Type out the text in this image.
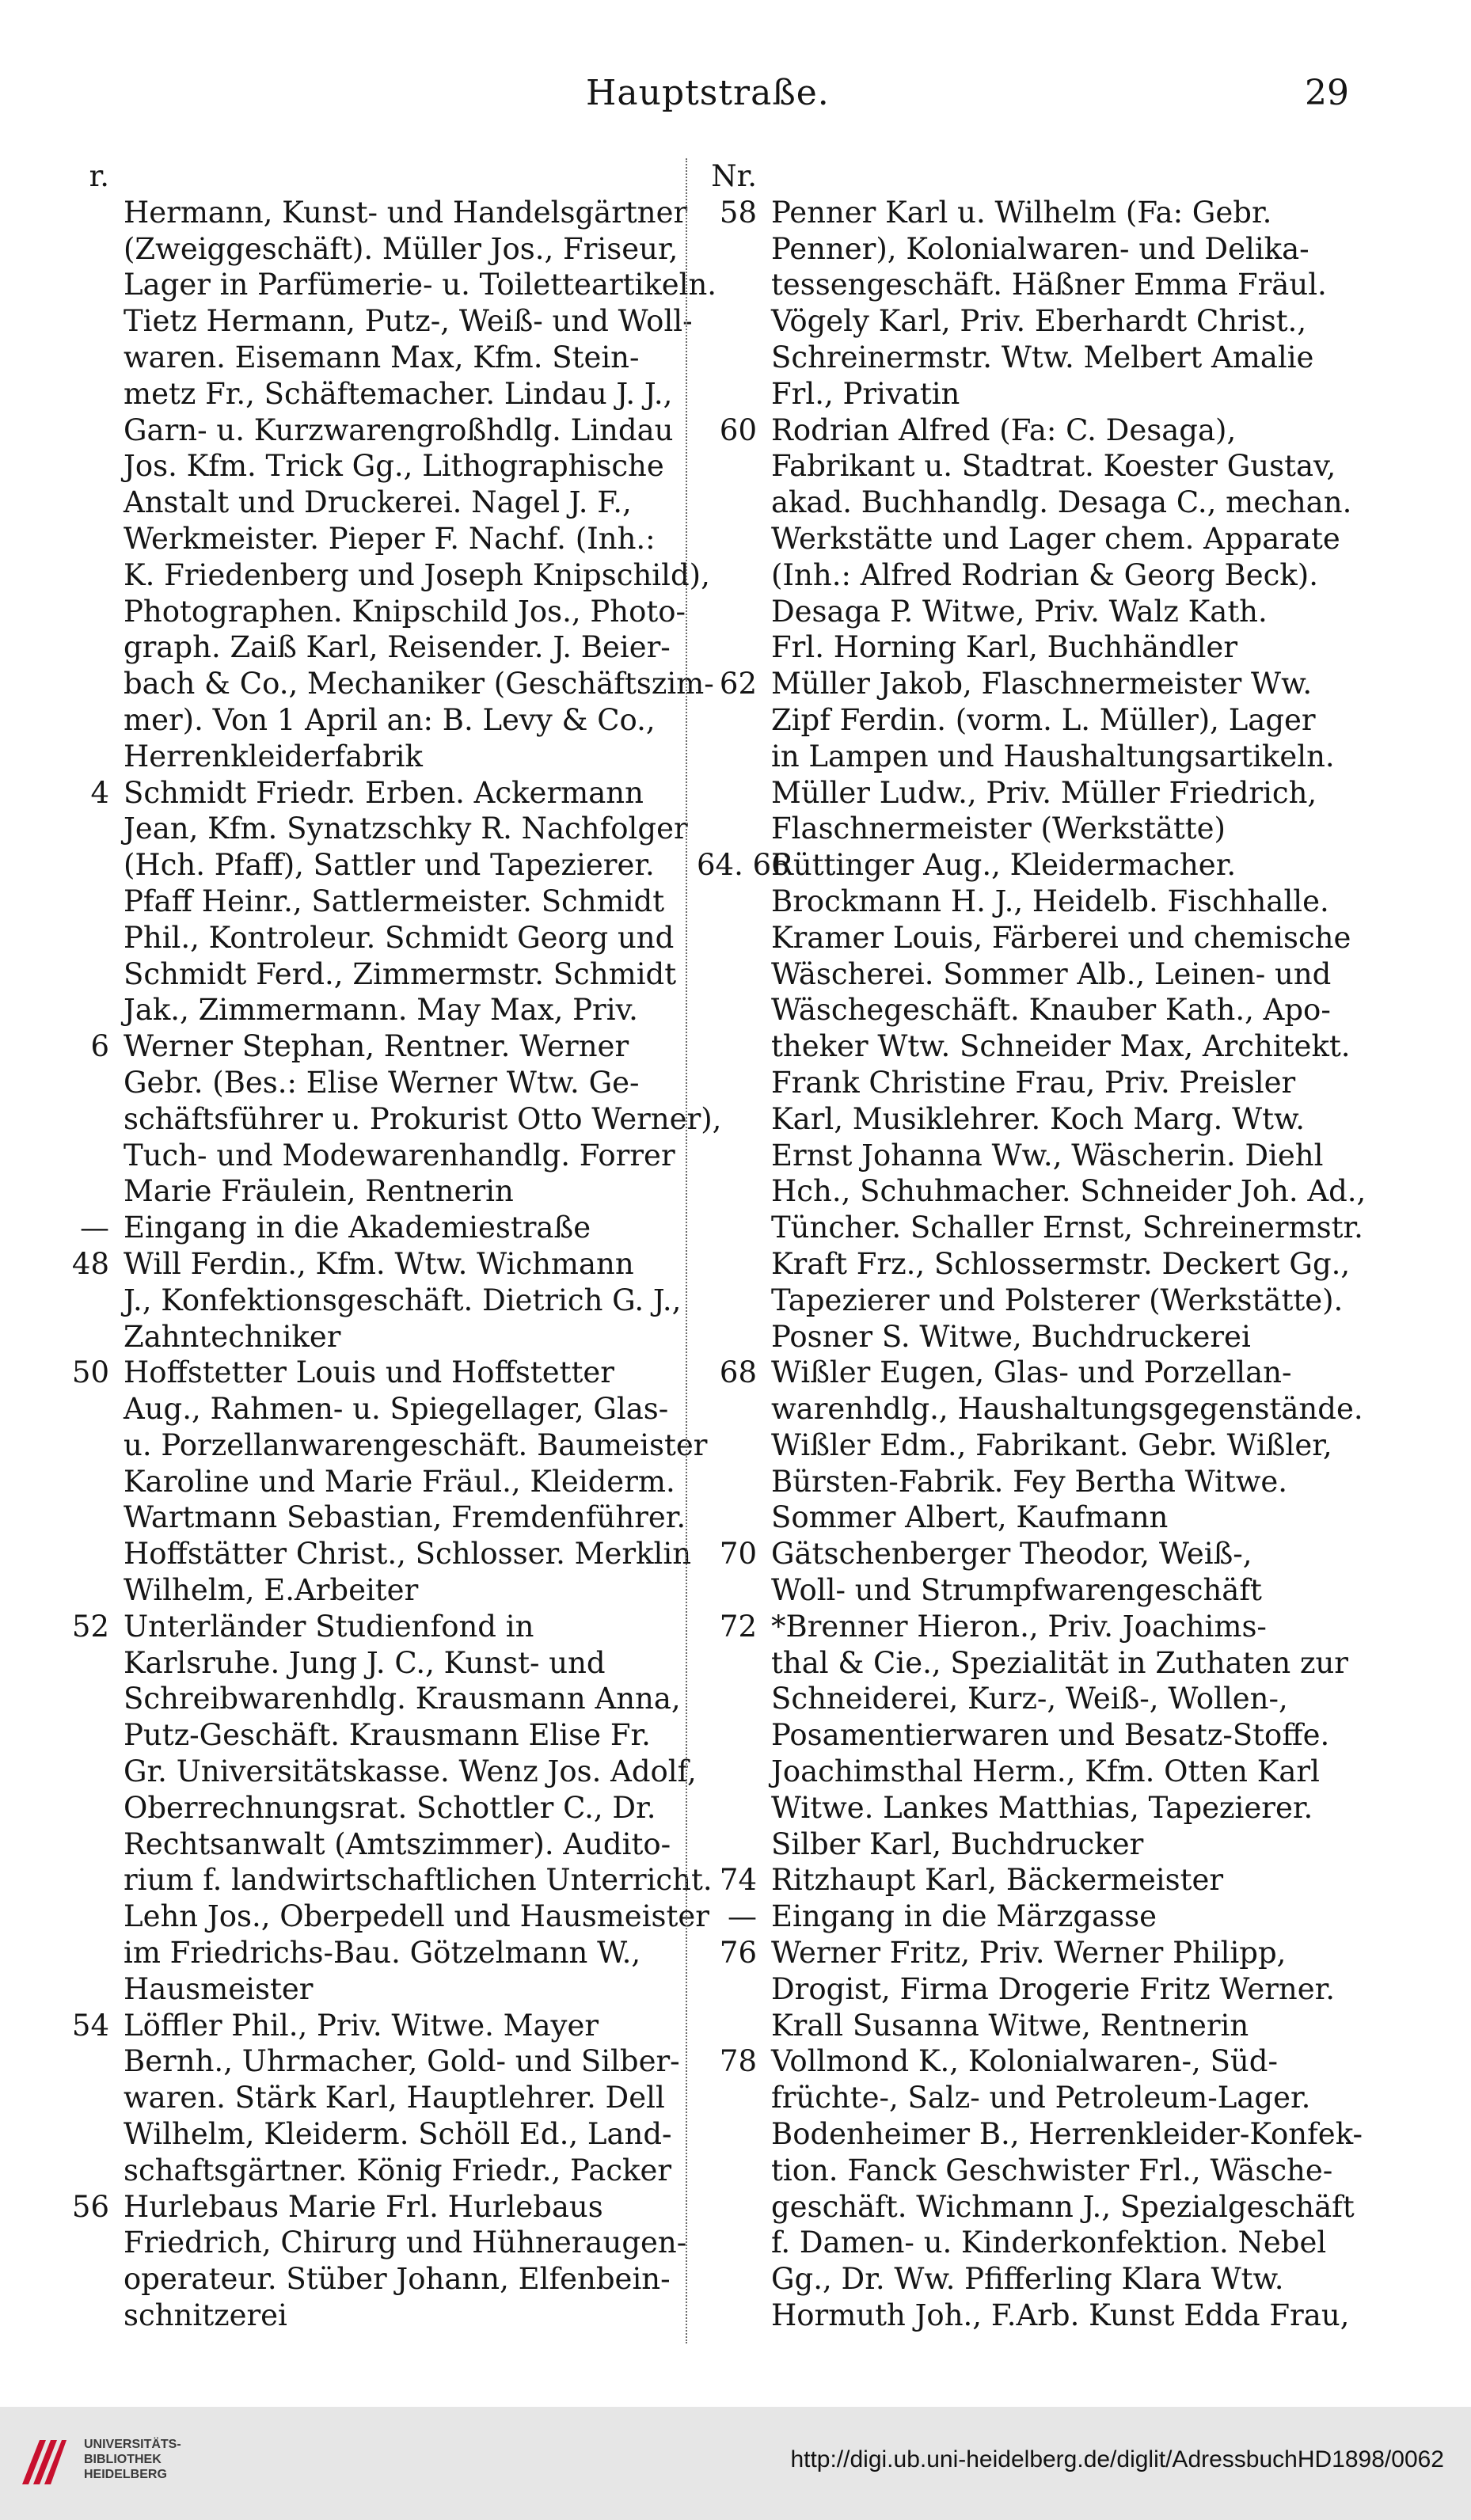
Hauptstraße.	29
r.
Hermann, Kunst- und Handelsgärtner
(Zweiggeschäft). Müller Jos., Friseur,
Lager in Parfümerie- u. Toiletteartikeln.
Tietz Hermann, Putz-, Weiß- und Woll-
waren. Eisemann Max, Kfm. Stein-
metz Fr., Schäftemacher. Lindau J. J.,
Garn- u. Kurzwarengroßhdlg. Lindau
Jos. Kfm. Trick Gg., Lithographische
Anstalt und Druckerei. Nagel J. F.,
Werkmeister. Pieper F. Nachf. (Inh.:
K. Friedenberg und Joseph Knipschild),
Photographen. Knipschild Jos., Photo-
graph. Zaiß Karl, Reisender. J. Beier-
bach & Co., Mechaniker (Geschäftszim-
mer). Von 1 April an: B. Levy & Co.,
Herrenkleiderfabrik
4 Schmidt Friedr. Erben. Ackermann
Jean, Kfm. Synatzschky R. Nachfolger
(Hch. Pfaff), Sattler und Tapezierer.
Pfaff Heinr., Sattlermeister. Schmidt
Phil., Kontroleur. Schmidt Georg und
Schmidt Ferd., Zimmermstr. Schmidt
Jak., Zimmermann. May Max, Priv.
6 Werner Stephan, Rentner. Werner
Gebr. (Bes.: Elise Werner Wtw. Ge-
schäftsführer u. Prokurist Otto Werner),
Tuch- und Modewarenhandlg. Forrer
Marie Fräulein, Rentnerin
— Eingang in die Akademiestraße
48 Will Ferdin., Kfm. Wtw. Wichmann
J., Konfektionsgeschäft. Dietrich G. J.,
Zahntechniker
50 Hoffstetter Louis und Hoffstetter
Aug., Rahmen- u. Spiegellager, Glas-
u. Porzellanwarengeschäft. Baumeister
Karoline und Marie Fräul., Kleiderm.
Wartmann Sebastian, Fremdenführer.
Hoffstätter Christ., Schlosser. Merklin
Wilhelm, E.Arbeiter
52 Unterländer Studienfond in
Karlsruhe. Jung J. C., Kunst- und
Schreibwarenhdlg. Krausmann Anna,
Putz-Geschäft. Krausmann Elise Fr.
Gr. Universitätskasse. Wenz Jos. Adolf,
Oberrechnungsrat. Schottler C., Dr.
Rechtsanwalt (Amtszimmer). Audito-
rium f. landwirtschaftlichen Unterricht.
Lehn Jos., Oberpedell und Hausmeister
im Friedrichs-Bau. Götzelmann W.,
Hausmeister
54 Löffler Phil., Priv. Witwe. Mayer
Bernh., Uhrmacher, Gold- und Silber-
waren. Stärk Karl, Hauptlehrer. Dell
Wilhelm, Kleiderm. Schöll Ed., Land-
schaftsgärtner. König Friedr., Packer
56 Hurlebaus Marie Frl. Hurlebaus
Friedrich, Chirurg und Hühneraugen-
operateur. Stüber Johann, Elfenbein-
schnitzerei
Nr.
58 Penner Karl u. Wilhelm (Fa: Gebr.
Penner), Kolonialwaren- und Delika-
tessengeschäft. Häßner Emma Fräul.
Vögely Karl, Priv. Eberhardt Christ.,
Schreinermstr. Wtw. Melbert Amalie
Frl., Privatin
60 Rodrian Alfred (Fa: C. Desaga),
Fabrikant u. Stadtrat. Koester Gustav,
akad. Buchhandlg. Desaga C., mechan.
Werkstätte und Lager chem. Apparate
(Inh.: Alfred Rodrian & Georg Beck).
Desaga P. Witwe, Priv. Walz Kath.
Frl. Horning Karl, Buchhändler
62 Müller Jakob, Flaschnermeister Ww.
Zipf Ferdin. (vorm. L. Müller), Lager
in Lampen und Haushaltungsartikeln.
Müller Ludw., Priv. Müller Friedrich,
Flaschnermeister (Werkstätte)
64. 66
Rüttinger Aug., Kleidermacher.
Brockmann H. J., Heidelb. Fischhalle.
Kramer Louis, Färberei und chemische
Wäscherei. Sommer Alb., Leinen- und
Wäschegeschäft. Knauber Kath., Apo-
theker Wtw. Schneider Max, Architekt.
Frank Christine Frau, Priv. Preisler
Karl, Musiklehrer. Koch Marg. Wtw.
Ernst Johanna Ww., Wäscherin. Diehl
Hch., Schuhmacher. Schneider Joh. Ad.,
Tüncher. Schaller Ernst, Schreinermstr.
Kraft Frz., Schlossermstr. Deckert Gg.,
Tapezierer und Polsterer (Werkstätte).
Posner S. Witwe, Buchdruckerei
68 Wißler Eugen, Glas- und Porzellan-
warenhdlg., Haushaltungsgegenstände.
Wißler Edm., Fabrikant. Gebr. Wißler,
Bürsten-Fabrik. Fey Bertha Witwe.
Sommer Albert, Kaufmann
70 Gätschenberger Theodor, Weiß-,
Woll- und Strumpfwarengeschäft
72 *Brenner Hieron., Priv. Joachims-
thal & Cie., Spezialität in Zuthaten zur
Schneiderei, Kurz-, Weiß-, Wollen-,
Posamentierwaren und Besatz-Stoffe.
Joachimsthal Herm., Kfm. Otten Karl
Witwe. Lankes Matthias, Tapezierer.
Silber Karl, Buchdrucker
74 Ritzhaupt Karl, Bäckermeister
— Eingang in die Märzgasse
76 Werner Fritz, Priv. Werner Philipp,
Drogist, Firma Drogerie Fritz Werner.
Krall Susanna Witwe, Rentnerin
78 Vollmond K., Kolonialwaren-, Süd-
früchte-, Salz- und Petroleum-Lager.
Bodenheimer B., Herrenkleider-Konfek-
tion. Fanck Geschwister Frl., Wäsche-
geschäft. Wichmann J., Spezialgeschäft
f. Damen- u. Kinderkonfektion. Nebel
Gg., Dr. Ww. Pfifferling Klara Wtw.
Hormuth Joh., F.Arb. Kunst Edda Frau,
UNIVERSITÄTS-
BIBLIOTHEK
HEIDELBERG
http://digi.ub.uni-heidelberg.de/diglit/AdressbuchHD1898/0062
